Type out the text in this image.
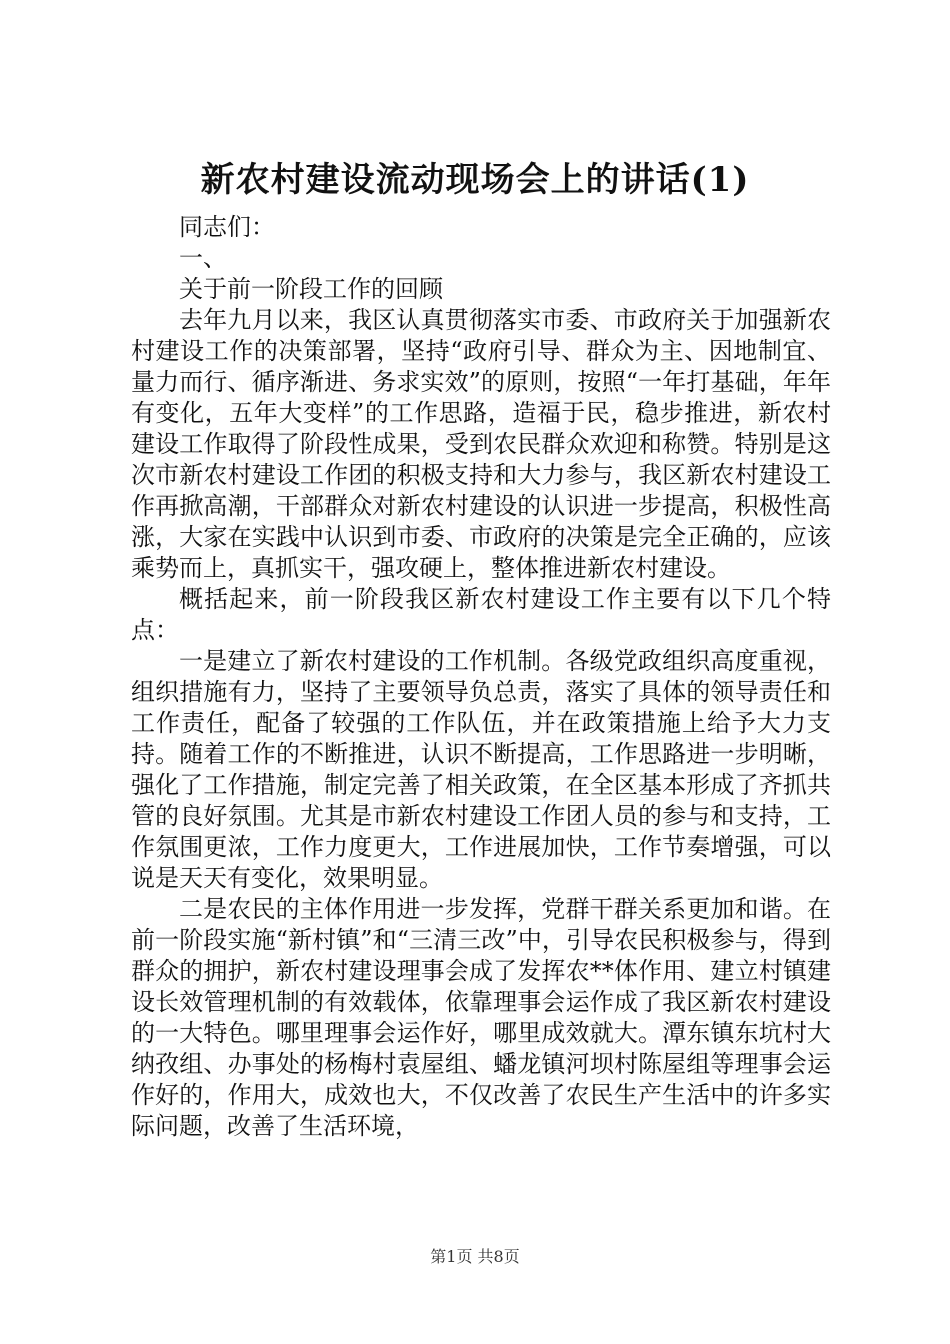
新农村建设流动现场会上的讲话(1)

同志们：

一、

关于前一阶段工作的回顾

去年九月以来，我区认真贯彻落实市委、市政府关于加强新农村建设工作的决策部署，坚持“政府引导、群众为主、因地制宜、量力而行、循序渐进、务求实效”的原则，按照“一年打基础，年年有变化，五年大变样”的工作思路，造福于民，稳步推进，新农村建设工作取得了阶段性成果，受到农民群众欢迎和称赞。特别是这次市新农村建设工作团的积极支持和大力参与，我区新农村建设工作再掀高潮，干部群众对新农村建设的认识进一步提高，积极性高涨，大家在实践中认识到市委、市政府的决策是完全正确的，应该乘势而上，真抓实干，强攻硬上，整体推进新农村建设。

概括起来，前一阶段我区新农村建设工作主要有以下几个特点：

一是建立了新农村建设的工作机制。各级党政组织高度重视，组织措施有力，坚持了主要领导负总责，落实了具体的领导责任和工作责任，配备了较强的工作队伍，并在政策措施上给予大力支持。随着工作的不断推进，认识不断提高，工作思路进一步明晰，强化了工作措施，制定完善了相关政策，在全区基本形成了齐抓共管的良好氛围。尤其是市新农村建设工作团人员的参与和支持，工作氛围更浓，工作力度更大，工作进展加快，工作节奏增强，可以说是天天有变化，效果明显。

二是农民的主体作用进一步发挥，党群干群关系更加和谐。在前一阶段实施“新村镇”和“三清三改”中，引导农民积极参与，得到群众的拥护，新农村建设理事会成了发挥农**体作用、建立村镇建设长效管理机制的有效载体，依靠理事会运作成了我区新农村建设的一大特色。哪里理事会运作好，哪里成效就大。潭东镇东坑村大纳孜组、办事处的杨梅村袁屋组、蟠龙镇河坝村陈屋组等理事会运作好的，作用大，成效也大，不仅改善了农民生产生活中的许多实际问题，改善了生活环境，

第1页 共8页
